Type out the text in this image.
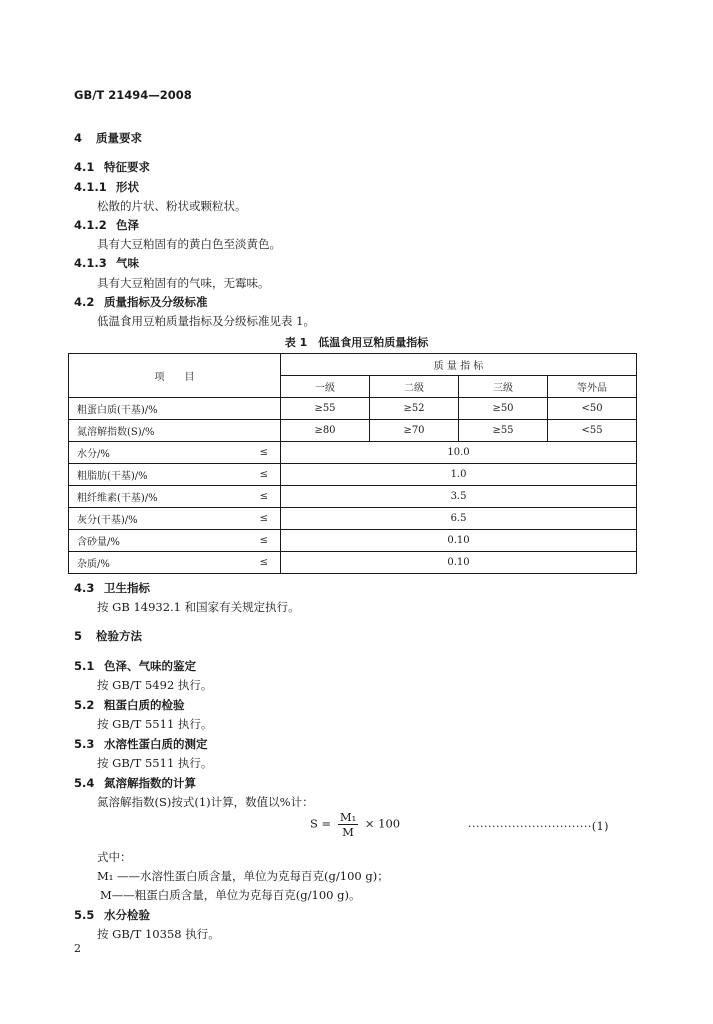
GB/T 21494—2008
4 质量要求
4.1 特征要求
4.1.1 形状
松散的片状、粉状或颗粒状。
4.1.2 色泽
具有大豆粕固有的黄白色至淡黄色。
4.1.3 气味
具有大豆粕固有的气味，无霉味。
4.2 质量指标及分级标准
低温食用豆粕质量指标及分级标准见表 1。
表 1　低温食用豆粕质量指标
项　　目		质 量 指 标			
		一级	二级	三级	等外品
粗蛋白质(干基)/%		≥55	≥52	≥50	<50
氮溶解指数(S)/%		≥80	≥70	≥55	<55
水分/%	≤	10.0			
粗脂肪(干基)/%	≤	1.0			
粗纤维素(干基)/%	≤	3.5			
灰分(干基)/%	≤	6.5			
含砂量/%	≤	0.10			
杂质/%	≤	0.10			
4.3 卫生指标
按 GB 14932.1 和国家有关规定执行。
5 检验方法
5.1 色泽、气味的鉴定
按 GB/T 5492 执行。
5.2 粗蛋白质的检验
按 GB/T 5511 执行。
5.3 水溶性蛋白质的测定
按 GB/T 5511 执行。
5.4 氮溶解指数的计算
氮溶解指数(S)按式(1)计算，数值以%计：
$S = \frac{\text{M₁}}{M} \times 100$	·······························(1)
式中：
M₁ ——水溶性蛋白质含量，单位为克每百克(g/100 g)；
M——粗蛋白质含量，单位为克每百克(g/100 g)。
5.5 水分检验
按 GB/T 10358 执行。
2
